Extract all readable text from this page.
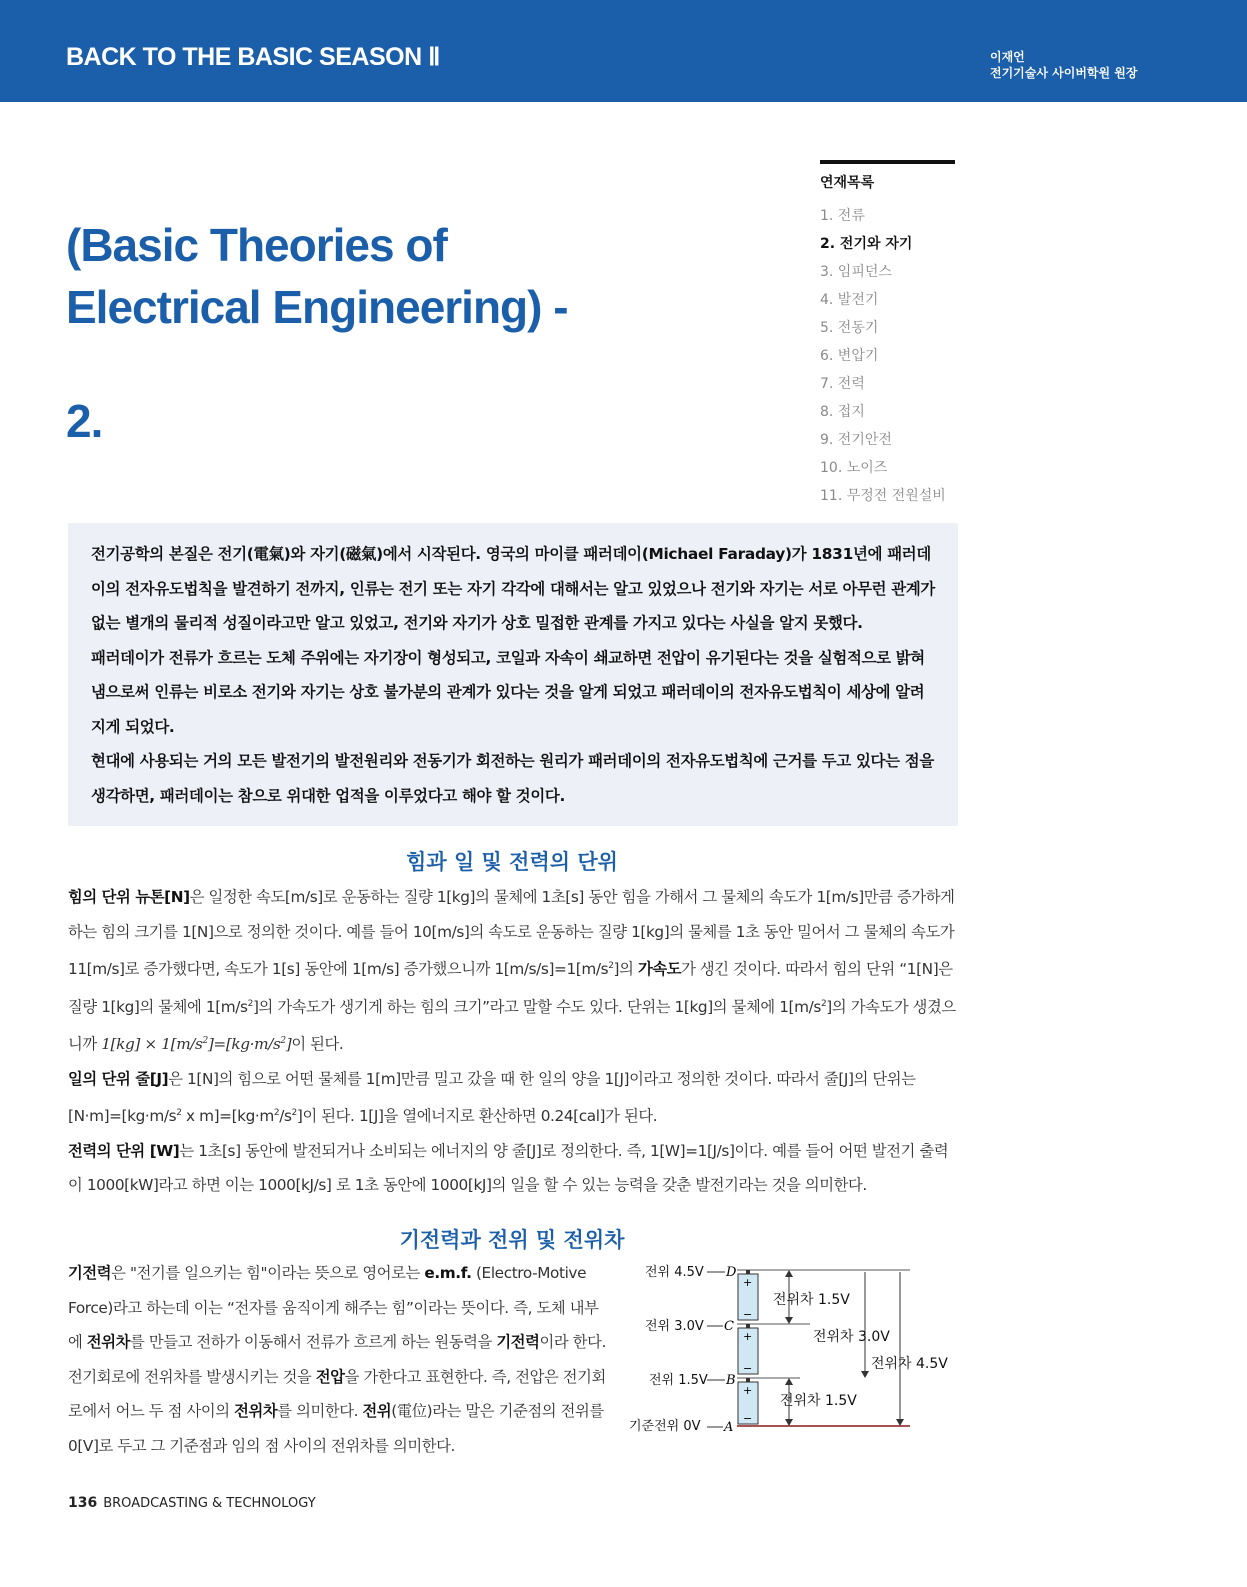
BACK TO THE BASIC SEASON Ⅱ	이재언
전기기술사 사이버학원 원장
(Basic Theories of
Electrical Engineering) -
2.
연재목록
1. 전류
2. 전기와 자기
3. 임피던스
4. 발전기
5. 전동기
6. 변압기
7. 전력
8. 접지
9. 전기안전
10. 노이즈
11. 무정전 전원설비

전기공학의 본질은 전기(電氣)와 자기(磁氣)에서 시작된다. 영국의 마이클 패러데이(Michael Faraday)가 1831년에 패러데이의 전자유도법칙을 발견하기 전까지, 인류는 전기 또는 자기 각각에 대해서는 알고 있었으나 전기와 자기는 서로 아무런 관계가 없는 별개의 물리적 성질이라고만 알고 있었고, 전기와 자기가 상호 밀접한 관계를 가지고 있다는 사실을 알지 못했다.
패러데이가 전류가 흐르는 도체 주위에는 자기장이 형성되고, 코일과 자속이 쇄교하면 전압이 유기된다는 것을 실험적으로 밝혀냄으로써 인류는 비로소 전기와 자기는 상호 불가분의 관계가 있다는 것을 알게 되었고 패러데이의 전자유도법칙이 세상에 알려지게 되었다.
현대에 사용되는 거의 모든 발전기의 발전원리와 전동기가 회전하는 원리가 패러데이의 전자유도법칙에 근거를 두고 있다는 점을 생각하면, 패러데이는 참으로 위대한 업적을 이루었다고 해야 할 것이다.

힘과 일 및 전력의 단위
힘의 단위 뉴톤[N]은 일정한 속도[m/s]로 운동하는 질량 1[kg]의 물체에 1초[s] 동안 힘을 가해서 그 물체의 속도가 1[m/s]만큼 증가하게 하는 힘의 크기를 1[N]으로 정의한 것이다. 예를 들어 10[m/s]의 속도로 운동하는 질량 1[kg]의 물체를 1초 동안 밀어서 그 물체의 속도가 11[m/s]로 증가했다면, 속도가 1[s] 동안에 1[m/s] 증가했으니까 $1[m/s/s]=1[m/s^2]$의 가속도가 생긴 것이다. 따라서 힘의 단위 “1[N]은 질량 1[kg]의 물체에 $1[m/s^2]$의 가속도가 생기게 하는 힘의 크기”라고 말할 수도 있다. 단위는 1[kg]의 물체에 $1[m/s^2]$의 가속도가 생겼으니까 $1[kg] \times 1[m/s^2]=[kg\cdot m/s^2]$이 된다.
일의 단위 줄[J]은 1[N]의 힘으로 어떤 물체를 1[m]만큼 밀고 갔을 때 한 일의 양을 1[J]이라고 정의한 것이다. 따라서 줄[J]의 단위는 $[N\cdot m]=[kg\cdot m/s^2$ x $m]=[kg\cdot m^2/s^2]$이 된다. 1[J]을 열에너지로 환산하면 0.24[cal]가 된다.
전력의 단위 [W]는 1초[s] 동안에 발전되거나 소비되는 에너지의 양 줄[J]로 정의한다. 즉, 1[W]=1[J/s]이다. 예를 들어 어떤 발전기 출력이 1000[kW]라고 하면 이는 1000[kJ/s] 로 1초 동안에 1000[kJ]의 일을 할 수 있는 능력을 갖춘 발전기라는 것을 의미한다.
기전력과 전위 및 전위차
기전력은 "전기를 일으키는 힘"이라는 뜻으로 영어로는 e.m.f. (Electro-Motive Force)라고 하는데 이는 “전자를 움직이게 해주는 힘”이라는 뜻이다. 즉, 도체 내부에 전위차를 만들고 전하가 이동해서 전류가 흐르게 하는 원동력을 기전력이라 한다. 전기회로에 전위차를 발생시키는 것을 전압을 가한다고 표현한다. 즉, 전압은 전기회로에서 어느 두 점 사이의 전위차를 의미한다. 전위(電位)라는 말은 기준점의 전위를 0[V]로 두고 그 기준점과 임의 점 사이의 전위차를 의미한다.
전위 4.5V
전위 3.0V
전위 1.5V
기준전위 0V
D
C
B
A
+
−
+
−
+
−
전위차 1.5V
전위차 3.0V
전위차 4.5V
전위차 1.5V
136 BROADCASTING & TECHNOLOGY
